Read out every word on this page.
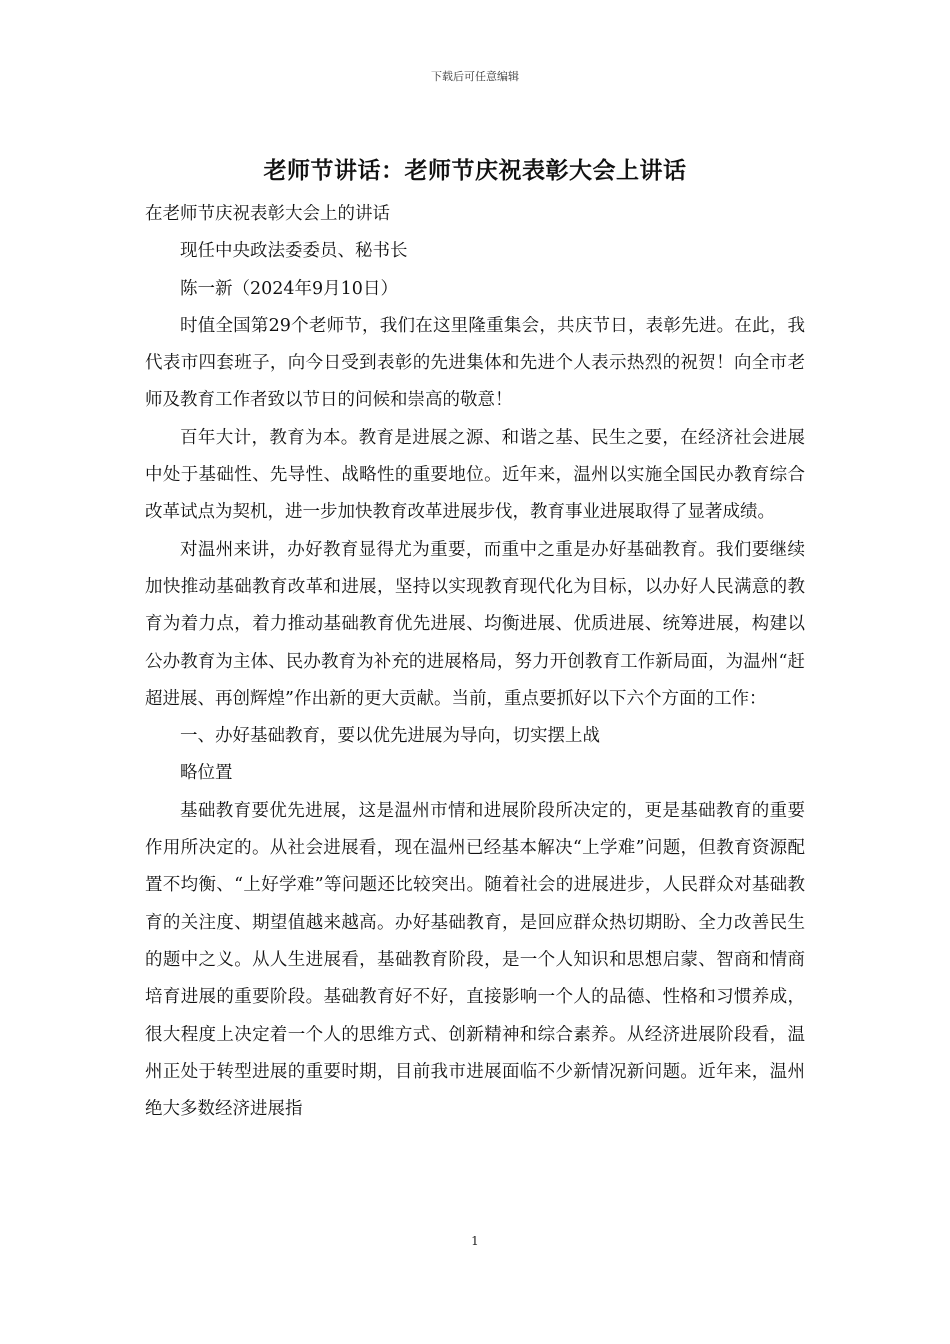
下载后可任意编辑
老师节讲话：老师节庆祝表彰大会上讲话

在老师节庆祝表彰大会上的讲话

现任中央政法委委员、秘书长

陈一新（2024年9月10日）

时值全国第29个老师节，我们在这里隆重集会，共庆节日，表彰先进。在此，我代表市四套班子，向今日受到表彰的先进集体和先进个人表示热烈的祝贺！向全市老师及教育工作者致以节日的问候和崇高的敬意！

百年大计，教育为本。教育是进展之源、和谐之基、民生之要，在经济社会进展中处于基础性、先导性、战略性的重要地位。近年来，温州以实施全国民办教育综合改革试点为契机，进一步加快教育改革进展步伐，教育事业进展取得了显著成绩。

对温州来讲，办好教育显得尤为重要，而重中之重是办好基础教育。我们要继续加快推动基础教育改革和进展，坚持以实现教育现代化为目标，以办好人民满意的教育为着力点，着力推动基础教育优先进展、均衡进展、优质进展、统筹进展，构建以公办教育为主体、民办教育为补充的进展格局，努力开创教育工作新局面，为温州“赶超进展、再创辉煌”作出新的更大贡献。当前，重点要抓好以下六个方面的工作：

一、办好基础教育，要以优先进展为导向，切实摆上战

略位置

基础教育要优先进展，这是温州市情和进展阶段所决定的，更是基础教育的重要作用所决定的。从社会进展看，现在温州已经基本解决“上学难”问题，但教育资源配置不均衡、“上好学难”等问题还比较突出。随着社会的进展进步，人民群众对基础教育的关注度、期望值越来越高。办好基础教育，是回应群众热切期盼、全力改善民生的题中之义。从人生进展看，基础教育阶段，是一个人知识和思想启蒙、智商和情商培育进展的重要阶段。基础教育好不好，直接影响一个人的品德、性格和习惯养成，很大程度上决定着一个人的思维方式、创新精神和综合素养。从经济进展阶段看，温州正处于转型进展的重要时期，目前我市进展面临不少新情况新问题。近年来，温州绝大多数经济进展指

1
